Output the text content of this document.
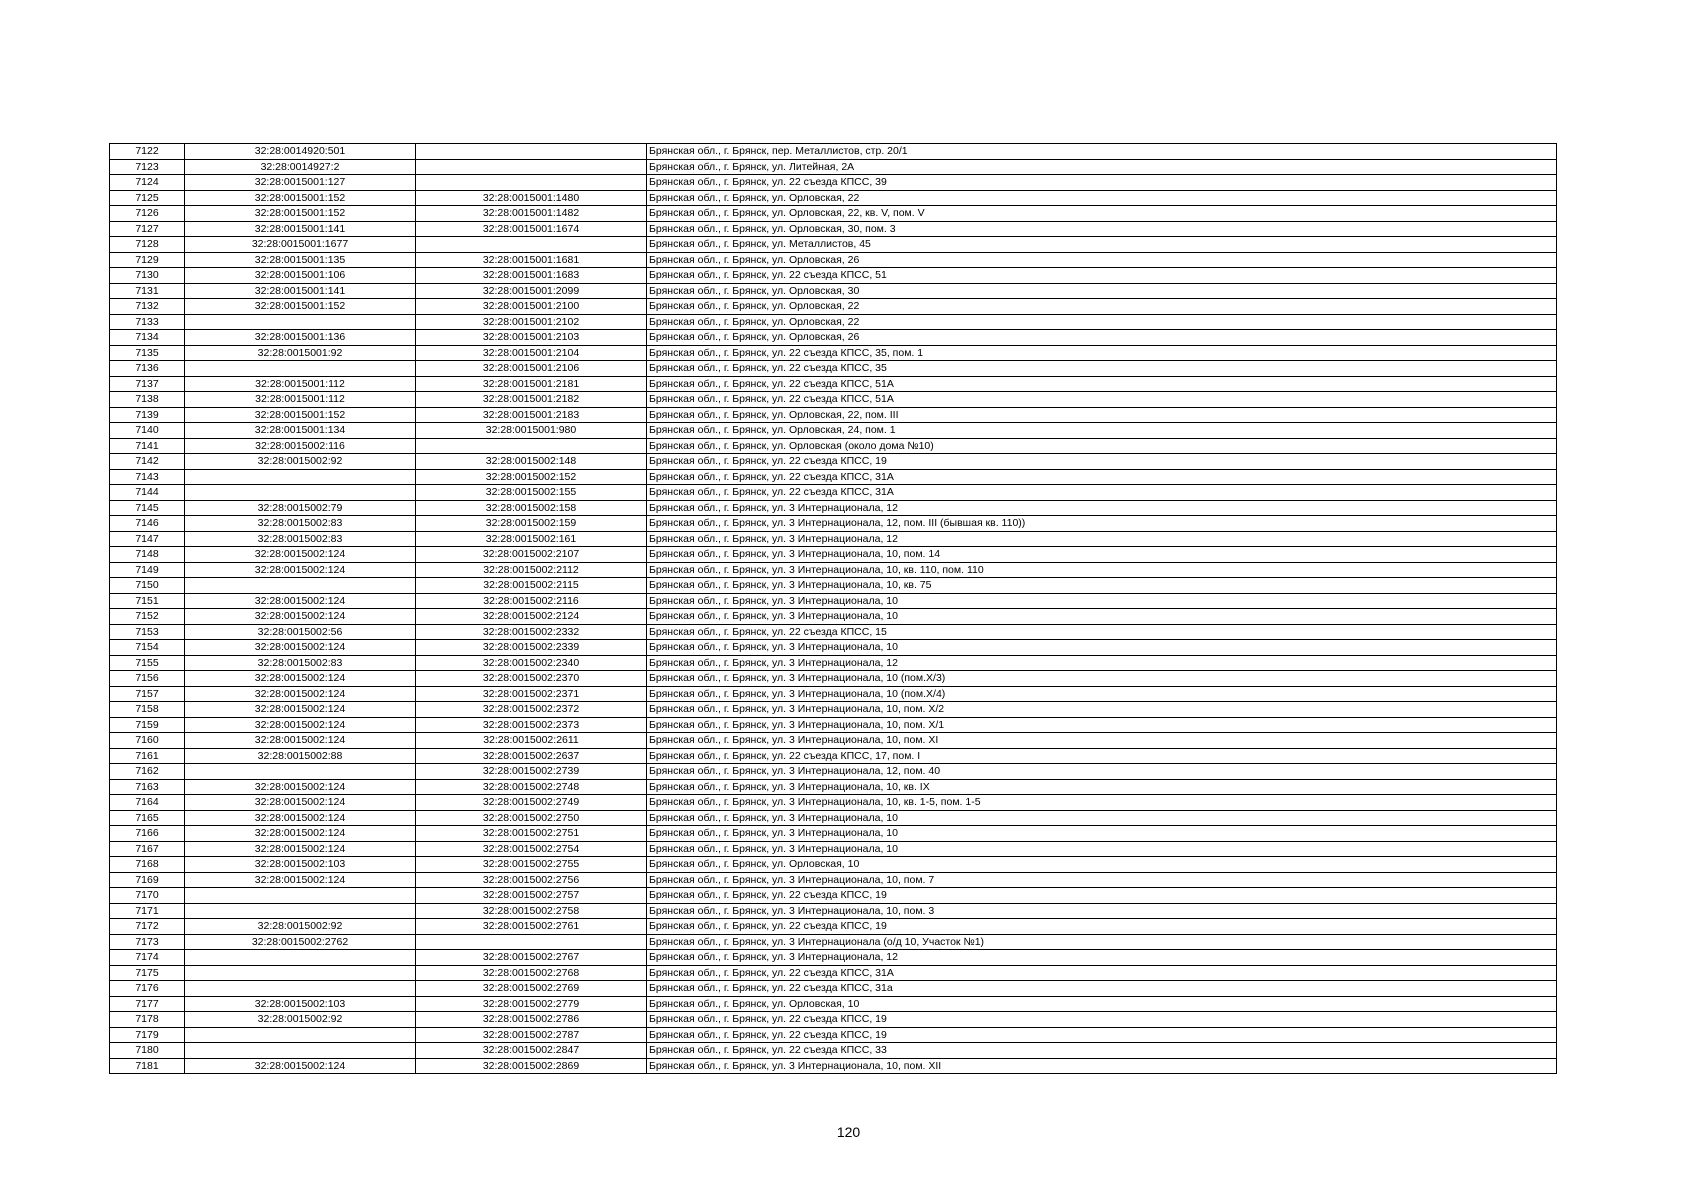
7122	32:28:0014920:501		Брянская обл., г. Брянск, пер. Металлистов, стр. 20/1
7123	32:28:0014927:2		Брянская обл., г. Брянск, ул. Литейная, 2А
7124	32:28:0015001:127		Брянская обл., г. Брянск, ул. 22 съезда КПСС, 39
7125	32:28:0015001:152	32:28:0015001:1480	Брянская обл., г. Брянск, ул. Орловская, 22
7126	32:28:0015001:152	32:28:0015001:1482	Брянская обл., г. Брянск, ул. Орловская, 22, кв. V, пом. V
7127	32:28:0015001:141	32:28:0015001:1674	Брянская обл., г. Брянск, ул. Орловская, 30, пом. 3
7128	32:28:0015001:1677		Брянская обл., г. Брянск, ул. Металлистов, 45
7129	32:28:0015001:135	32:28:0015001:1681	Брянская обл., г. Брянск, ул. Орловская, 26
7130	32:28:0015001:106	32:28:0015001:1683	Брянская обл., г. Брянск, ул. 22 съезда КПСС, 51
7131	32:28:0015001:141	32:28:0015001:2099	Брянская обл., г. Брянск, ул. Орловская, 30
7132	32:28:0015001:152	32:28:0015001:2100	Брянская обл., г. Брянск, ул. Орловская, 22
7133		32:28:0015001:2102	Брянская обл., г. Брянск, ул. Орловская, 22
7134	32:28:0015001:136	32:28:0015001:2103	Брянская обл., г. Брянск, ул. Орловская, 26
7135	32:28:0015001:92	32:28:0015001:2104	Брянская обл., г. Брянск, ул. 22 съезда КПСС, 35, пом. 1
7136		32:28:0015001:2106	Брянская обл., г. Брянск, ул. 22 съезда КПСС, 35
7137	32:28:0015001:112	32:28:0015001:2181	Брянская обл., г. Брянск, ул. 22 съезда КПСС, 51А
7138	32:28:0015001:112	32:28:0015001:2182	Брянская обл., г. Брянск, ул. 22 съезда КПСС, 51А
7139	32:28:0015001:152	32:28:0015001:2183	Брянская обл., г. Брянск, ул. Орловская, 22, пом. III
7140	32:28:0015001:134	32:28:0015001:980	Брянская обл., г. Брянск, ул. Орловская, 24, пом. 1
7141	32:28:0015002:116		Брянская обл., г. Брянск, ул. Орловская (около дома №10)
7142	32:28:0015002:92	32:28:0015002:148	Брянская обл., г. Брянск, ул. 22 съезда КПСС, 19
7143		32:28:0015002:152	Брянская обл., г. Брянск, ул. 22 съезда КПСС, 31А
7144		32:28:0015002:155	Брянская обл., г. Брянск, ул. 22 съезда КПСС, 31А
7145	32:28:0015002:79	32:28:0015002:158	Брянская обл., г. Брянск, ул. 3 Интернационала, 12
7146	32:28:0015002:83	32:28:0015002:159	Брянская обл., г. Брянск, ул. 3 Интернационала, 12, пом. III (бывшая кв. 110))
7147	32:28:0015002:83	32:28:0015002:161	Брянская обл., г. Брянск, ул. 3 Интернационала, 12
7148	32:28:0015002:124	32:28:0015002:2107	Брянская обл., г. Брянск, ул. 3 Интернационала, 10, пом. 14
7149	32:28:0015002:124	32:28:0015002:2112	Брянская обл., г. Брянск, ул. 3 Интернационала, 10, кв. 110, пом. 110
7150		32:28:0015002:2115	Брянская обл., г. Брянск, ул. 3 Интернационала, 10, кв. 75
7151	32:28:0015002:124	32:28:0015002:2116	Брянская обл., г. Брянск, ул. 3 Интернационала, 10
7152	32:28:0015002:124	32:28:0015002:2124	Брянская обл., г. Брянск, ул. 3 Интернационала, 10
7153	32:28:0015002:56	32:28:0015002:2332	Брянская обл., г. Брянск, ул. 22 съезда КПСС, 15
7154	32:28:0015002:124	32:28:0015002:2339	Брянская обл., г. Брянск, ул. 3 Интернационала, 10
7155	32:28:0015002:83	32:28:0015002:2340	Брянская обл., г. Брянск, ул. 3 Интернационала, 12
7156	32:28:0015002:124	32:28:0015002:2370	Брянская обл., г. Брянск, ул. 3 Интернационала, 10 (пом.X/3)
7157	32:28:0015002:124	32:28:0015002:2371	Брянская обл., г. Брянск, ул. 3 Интернационала, 10 (пом.X/4)
7158	32:28:0015002:124	32:28:0015002:2372	Брянская обл., г. Брянск, ул. 3 Интернационала, 10, пом. X/2
7159	32:28:0015002:124	32:28:0015002:2373	Брянская обл., г. Брянск, ул. 3 Интернационала, 10, пом. X/1
7160	32:28:0015002:124	32:28:0015002:2611	Брянская обл., г. Брянск, ул. 3 Интернационала, 10, пом. XI
7161	32:28:0015002:88	32:28:0015002:2637	Брянская обл., г. Брянск, ул. 22 съезда КПСС, 17, пом. I
7162		32:28:0015002:2739	Брянская обл., г. Брянск, ул. 3 Интернационала, 12, пом. 40
7163	32:28:0015002:124	32:28:0015002:2748	Брянская обл., г. Брянск, ул. 3 Интернационала, 10, кв. IX
7164	32:28:0015002:124	32:28:0015002:2749	Брянская обл., г. Брянск, ул. 3 Интернационала, 10, кв. 1-5, пом. 1-5
7165	32:28:0015002:124	32:28:0015002:2750	Брянская обл., г. Брянск, ул. 3 Интернационала, 10
7166	32:28:0015002:124	32:28:0015002:2751	Брянская обл., г. Брянск, ул. 3 Интернационала, 10
7167	32:28:0015002:124	32:28:0015002:2754	Брянская обл., г. Брянск, ул. 3 Интернационала, 10
7168	32:28:0015002:103	32:28:0015002:2755	Брянская обл., г. Брянск, ул. Орловская, 10
7169	32:28:0015002:124	32:28:0015002:2756	Брянская обл., г. Брянск, ул. 3 Интернационала, 10, пом. 7
7170		32:28:0015002:2757	Брянская обл., г. Брянск, ул. 22 съезда КПСС, 19
7171		32:28:0015002:2758	Брянская обл., г. Брянск, ул. 3 Интернационала, 10, пом. 3
7172	32:28:0015002:92	32:28:0015002:2761	Брянская обл., г. Брянск, ул. 22 съезда КПСС, 19
7173	32:28:0015002:2762		Брянская обл., г. Брянск, ул. 3 Интернационала (о/д 10, Участок №1)
7174		32:28:0015002:2767	Брянская обл., г. Брянск, ул. 3 Интернационала, 12
7175		32:28:0015002:2768	Брянская обл., г. Брянск, ул. 22 съезда КПСС, 31А
7176		32:28:0015002:2769	Брянская обл., г. Брянск, ул. 22 съезда КПСС, 31а
7177	32:28:0015002:103	32:28:0015002:2779	Брянская обл., г. Брянск, ул. Орловская, 10
7178	32:28:0015002:92	32:28:0015002:2786	Брянская обл., г. Брянск, ул. 22 съезда КПСС, 19
7179		32:28:0015002:2787	Брянская обл., г. Брянск, ул. 22 съезда КПСС, 19
7180		32:28:0015002:2847	Брянская обл., г. Брянск, ул. 22 съезда КПСС, 33
7181	32:28:0015002:124	32:28:0015002:2869	Брянская обл., г. Брянск, ул. 3 Интернационала, 10, пом. XII
120
